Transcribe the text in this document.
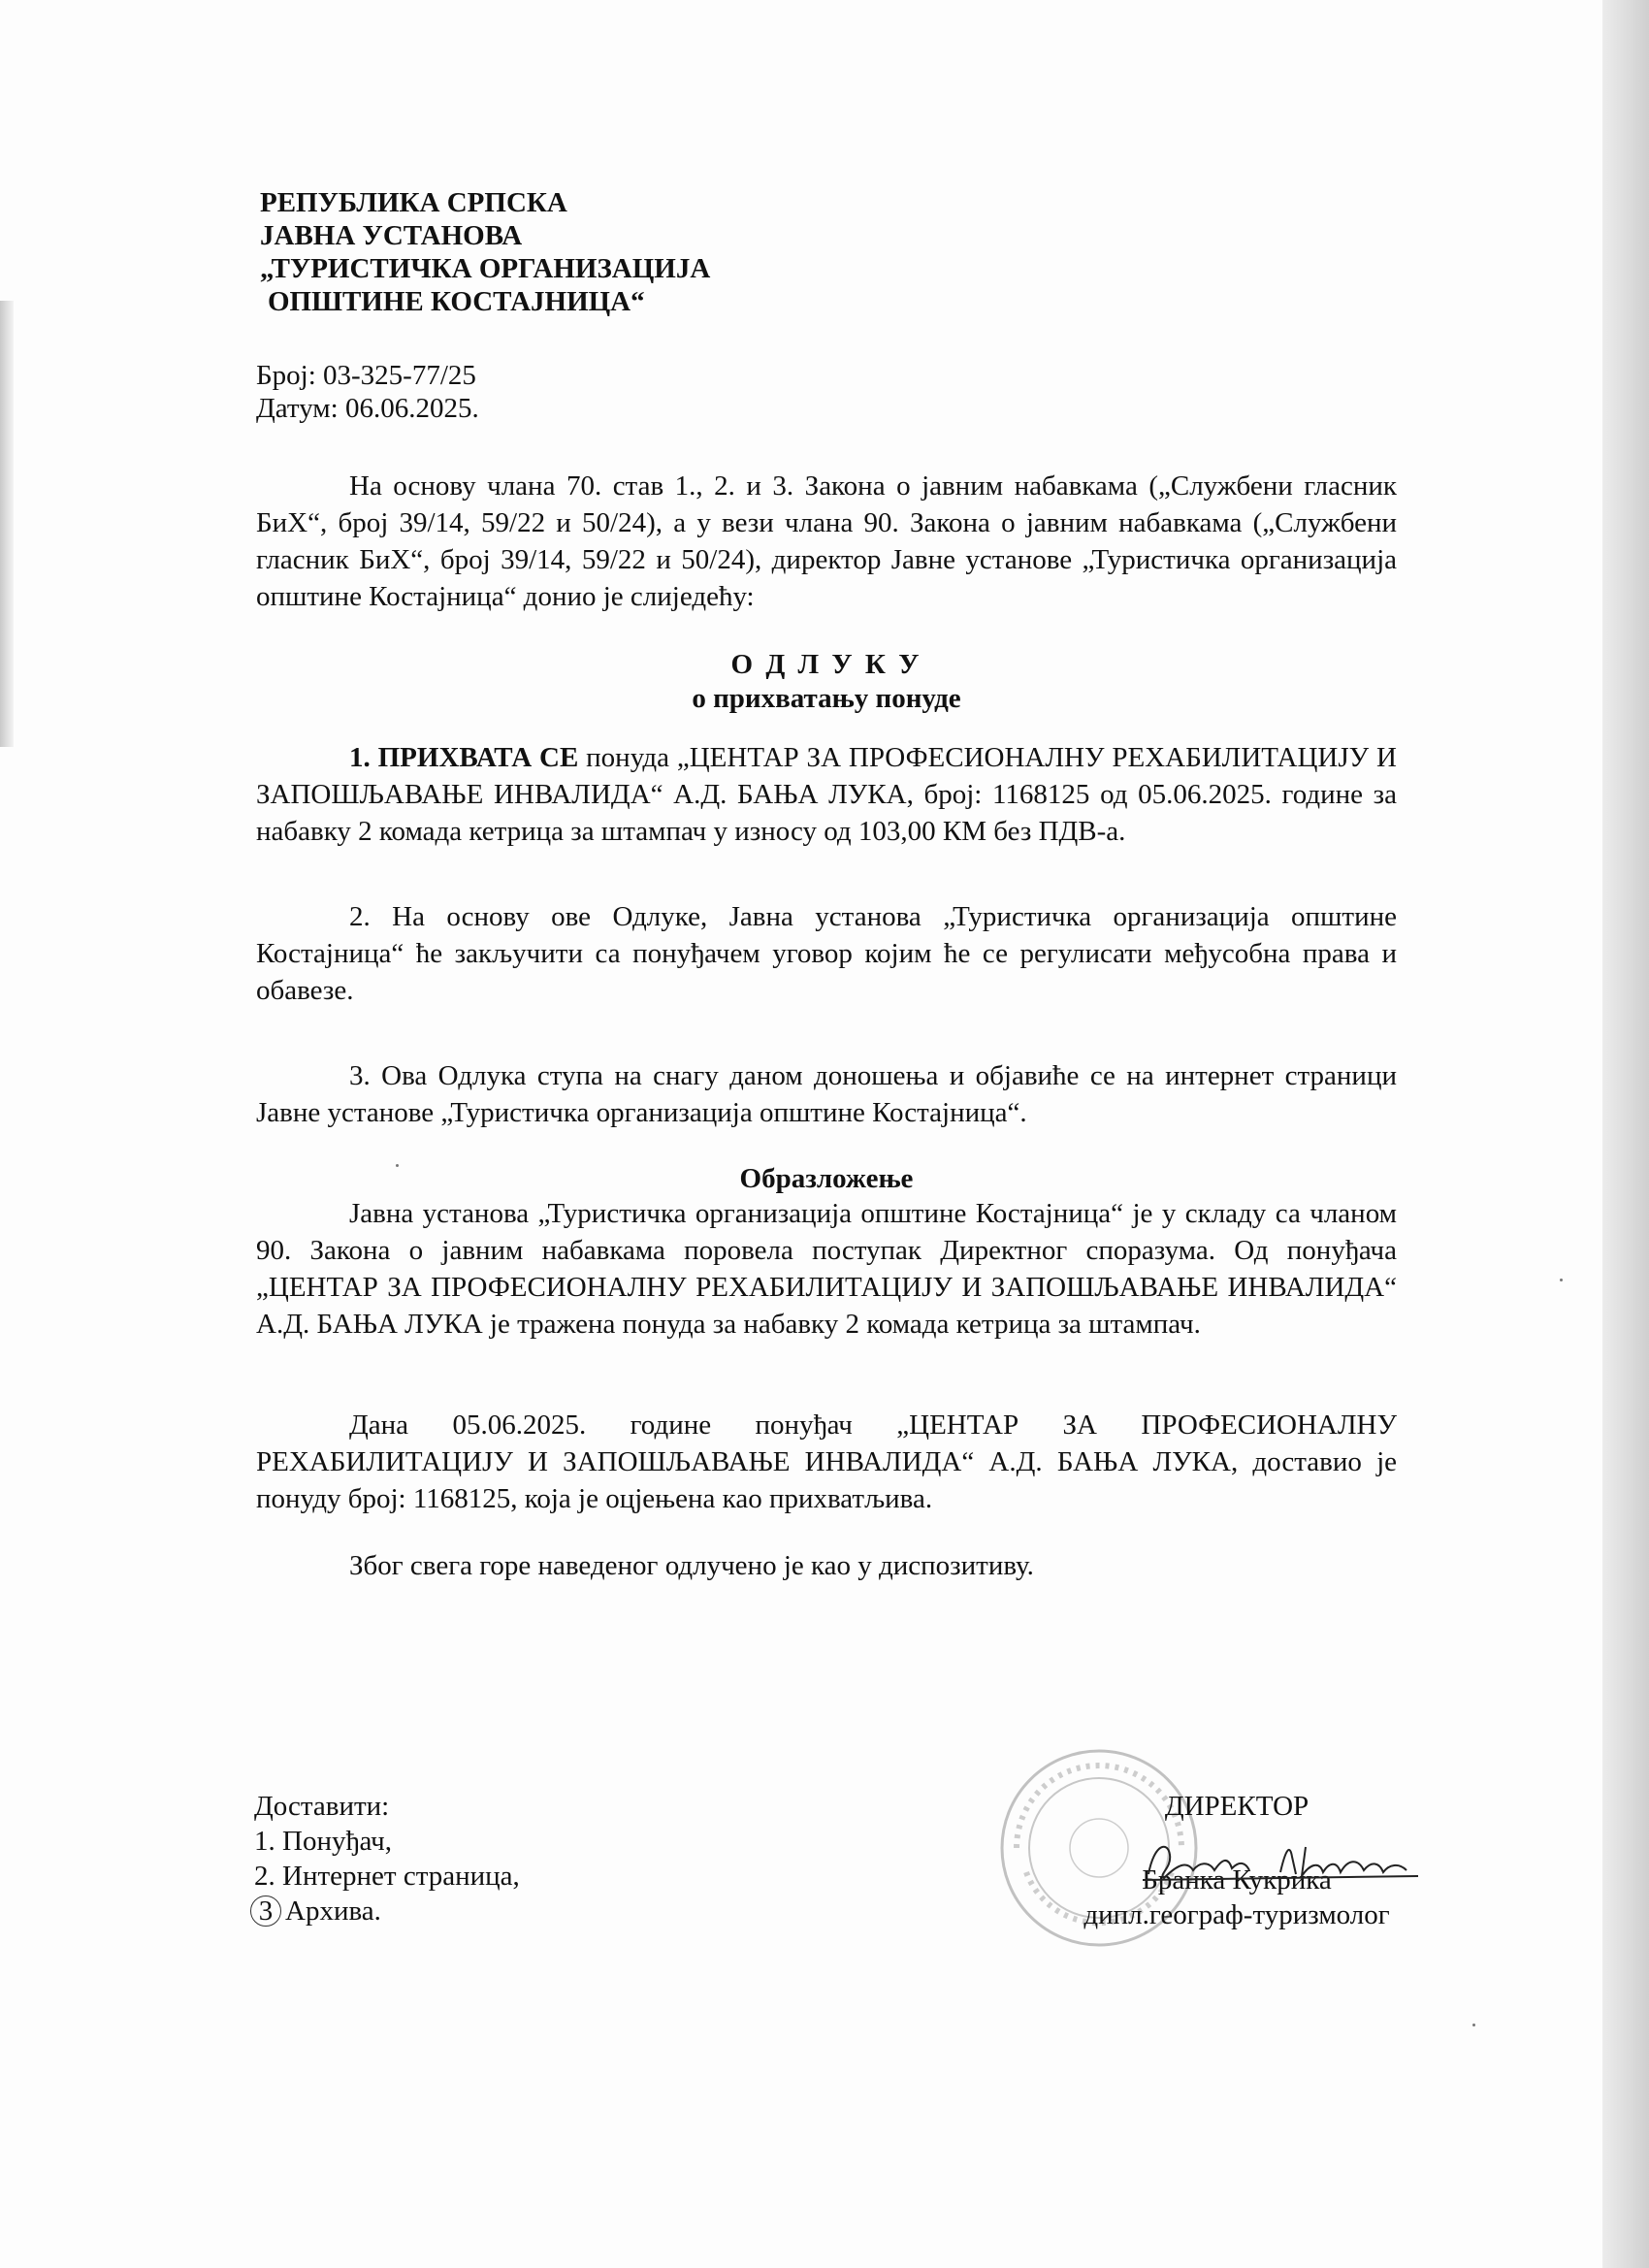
РЕПУБЛИКА СРПСКА
ЈАВНА УСТАНОВА
„ТУРИСТИЧКА ОРГАНИЗАЦИЈА
ОПШТИНЕ КОСТАЈНИЦА“
Број: 03-325-77/25
Датум: 06.06.2025.
На основу члана 70. став 1., 2. и 3. Закона о јавним набавкама („Службени гласник БиХ“, број 39/14, 59/22 и 50/24), а у вези члана 90. Закона о јавним набавкама („Службени гласник БиХ“, број 39/14, 59/22 и 50/24), директор Јавне установе „Туристичка организација општине Костајница“ донио је слиједећу:
О Д Л У К У
о прихватању понуде
1. ПРИХВАТА СЕ понуда „ЦЕНТАР ЗА ПРОФЕСИОНАЛНУ РЕХАБИЛИТАЦИЈУ И ЗАПОШЉАВАЊЕ ИНВАЛИДА“ А.Д. БАЊА ЛУКА, број: 1168125 од 05.06.2025. године за набавку 2 комада кетрица за штампач у износу од 103,00 КМ без ПДВ-а.
2. На основу ове Одлуке, Јавна установа „Туристичка организација општине Костајница“ ће закључити са понуђачем уговор којим ће се регулисати међусобна права и обавезе.
3. Ова Одлука ступа на снагу даном доношења и објавиће се на интернет страници Јавне установе „Туристичка организација општине Костајница“.
Образложење
Јавна установа „Туристичка организација општине Костајница“ је у складу са чланом 90. Закона о јавним набавкама поровела поступак Директног споразума. Од понуђача „ЦЕНТАР ЗА ПРОФЕСИОНАЛНУ РЕХАБИЛИТАЦИЈУ И ЗАПОШЉАВАЊЕ ИНВАЛИДА“ А.Д. БАЊА ЛУКА је тражена понуда за набавку 2 комада кетрица за штампач.
Дана 05.06.2025. године понуђач „ЦЕНТАР ЗА ПРОФЕСИОНАЛНУ РЕХАБИЛИТАЦИЈУ И ЗАПОШЉАВАЊЕ ИНВАЛИДА“ А.Д. БАЊА ЛУКА, доставио је понуду број: 1168125, која је оцјењена као прихватљива.
Због свега горе наведеног одлучено је као у диспозитиву.
Доставити:
1. Понуђач,
2. Интернет страница,
3 Архива.
ДИРЕКТОР
Бранка Кукрика
дипл.географ-туризмолог
